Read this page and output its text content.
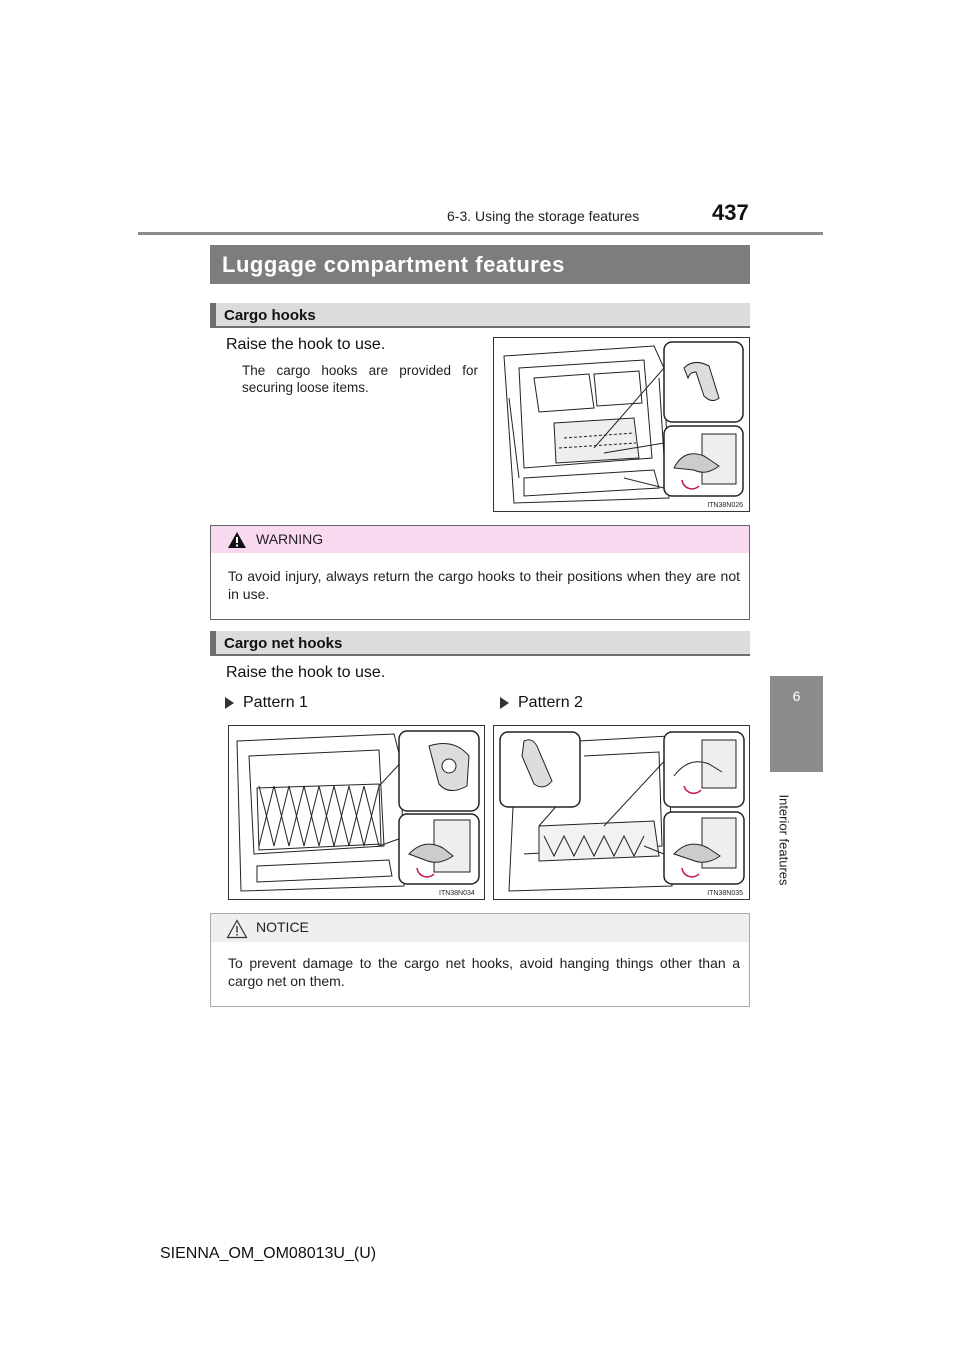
6-3. Using the storage features	437
6
Interior features
Luggage compartment features
Cargo hooks
Raise the hook to use.
The cargo hooks are provided for securing loose items.
ITN38N026
WARNING
To avoid injury, always return the cargo hooks to their positions when they are not in use.
Cargo net hooks
Raise the hook to use.
Pattern 1	Pattern 2
ITN38N034	ITN38N035
NOTICE
To prevent damage to the cargo net hooks, avoid hanging things other than a cargo net on them.
SIENNA_OM_OM08013U_(U)
